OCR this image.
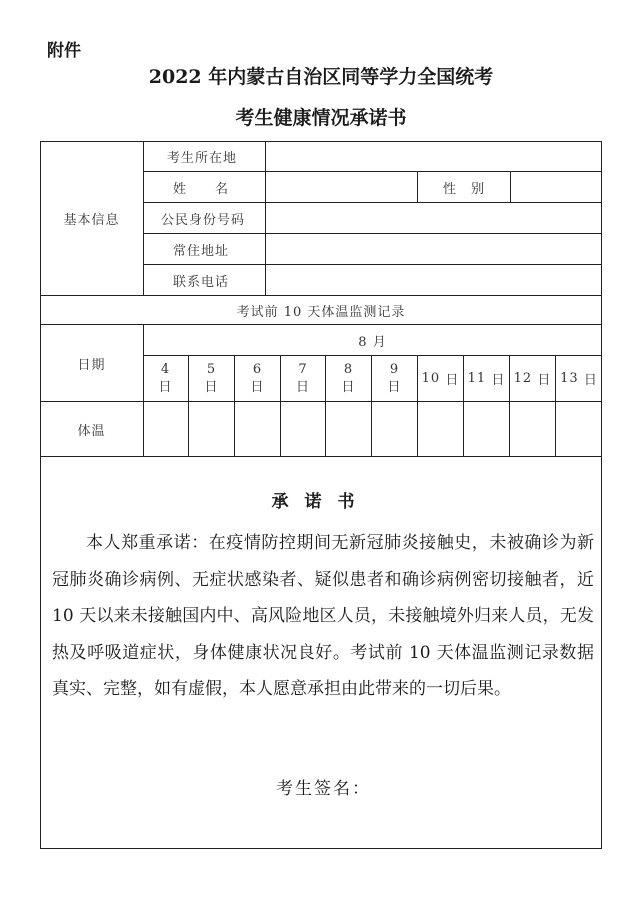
附件
2022 年内蒙古自治区同等学力全国统考
考生健康情况承诺书
基本信息
考生所在地
姓　　名	性　别
公民身份号码
常住地址
联系电话
考试前 10 天体温监测记录
日期
8 月
4
日
5
日
6
日
7
日
8
日
9
日
10
日 11
日 12
日 13
日
体温
承诺书
本人郑重承诺：在疫情防控期间无新冠肺炎接触史，未被确诊为新冠肺炎确诊病例、无症状感染者、疑似患者和确诊病例密切接触者，近 10 天以来未接触国内中、高风险地区人员，未接触境外归来人员，无发热及呼吸道症状，身体健康状况良好。考试前 10 天体温监测记录数据真实、完整，如有虚假，本人愿意承担由此带来的一切后果。
考生签名：
